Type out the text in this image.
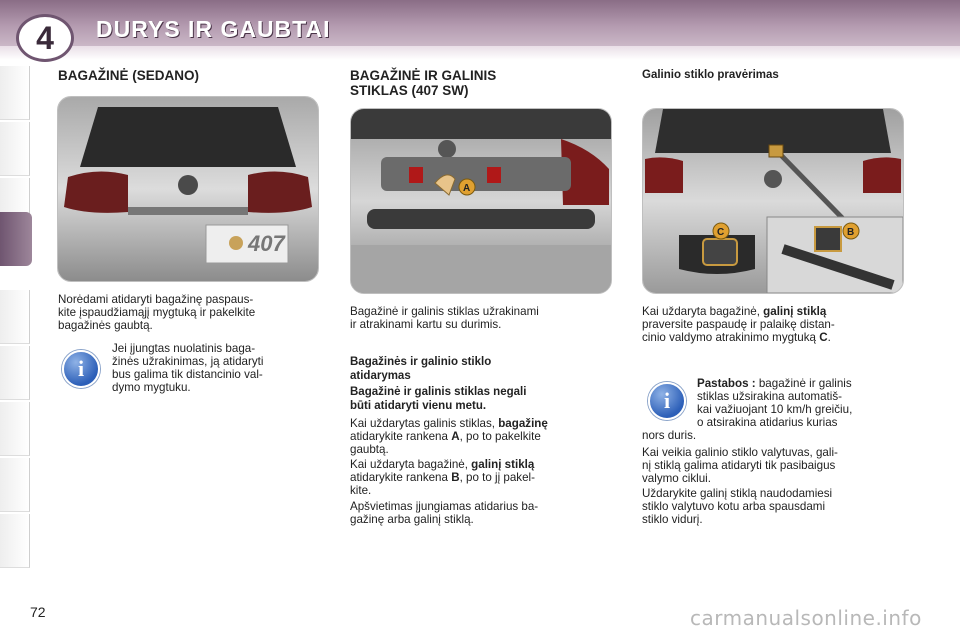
4	DURYS IR GAUBTAI
BAGAŽINĖ (SEDANO)
407
Norėdami atidaryti bagažinę paspaus-
kite įspaudžiamąjį mygtuką ir pakelkite
bagažinės gaubtą.
i
Jei įjungtas nuolatinis baga-
žinės užrakinimas, ją atidaryti
bus galima tik distancinio val-
dymo mygtuku.
BAGAŽINĖ IR GALINIS
STIKLAS (407 SW)
A
Bagažinė ir galinis stiklas užrakinami
ir atrakinami kartu su durimis.
Bagažinės ir galinio stiklo
atidarymas
Bagažinė ir galinis stiklas negali
būti atidaryti vienu metu.
Kai uždarytas galinis stiklas, bagažinę
atidarykite rankena A, po to pakelkite
gaubtą.
Kai uždaryta bagažinė, galinį stiklą
atidarykite rankena B, po to jį pakel-
kite.
Apšvietimas įjungiamas atidarius ba-
gažinę arba galinį stiklą.
Galinio stiklo pravėrimas
B
C
Kai uždaryta bagažinė, galinį stiklą
praversite paspaudę ir palaikę distan-
cinio valdymo atrakinimo mygtuką C.
i
Pastabos : bagažinė ir galinis
stiklas užsirakina automatiš-
kai važiuojant 10 km/h greičiu,
o atsirakina atidarius kurias
nors duris.
Kai veikia galinio stiklo valytuvas, gali-
nį stiklą galima atidaryti tik pasibaigus
valymo ciklui.
Uždarykite galinį stiklą naudodamiesi
stiklo valytuvo kotu arba spausdami
stiklo vidurį.
72	carmanualsonline.info
